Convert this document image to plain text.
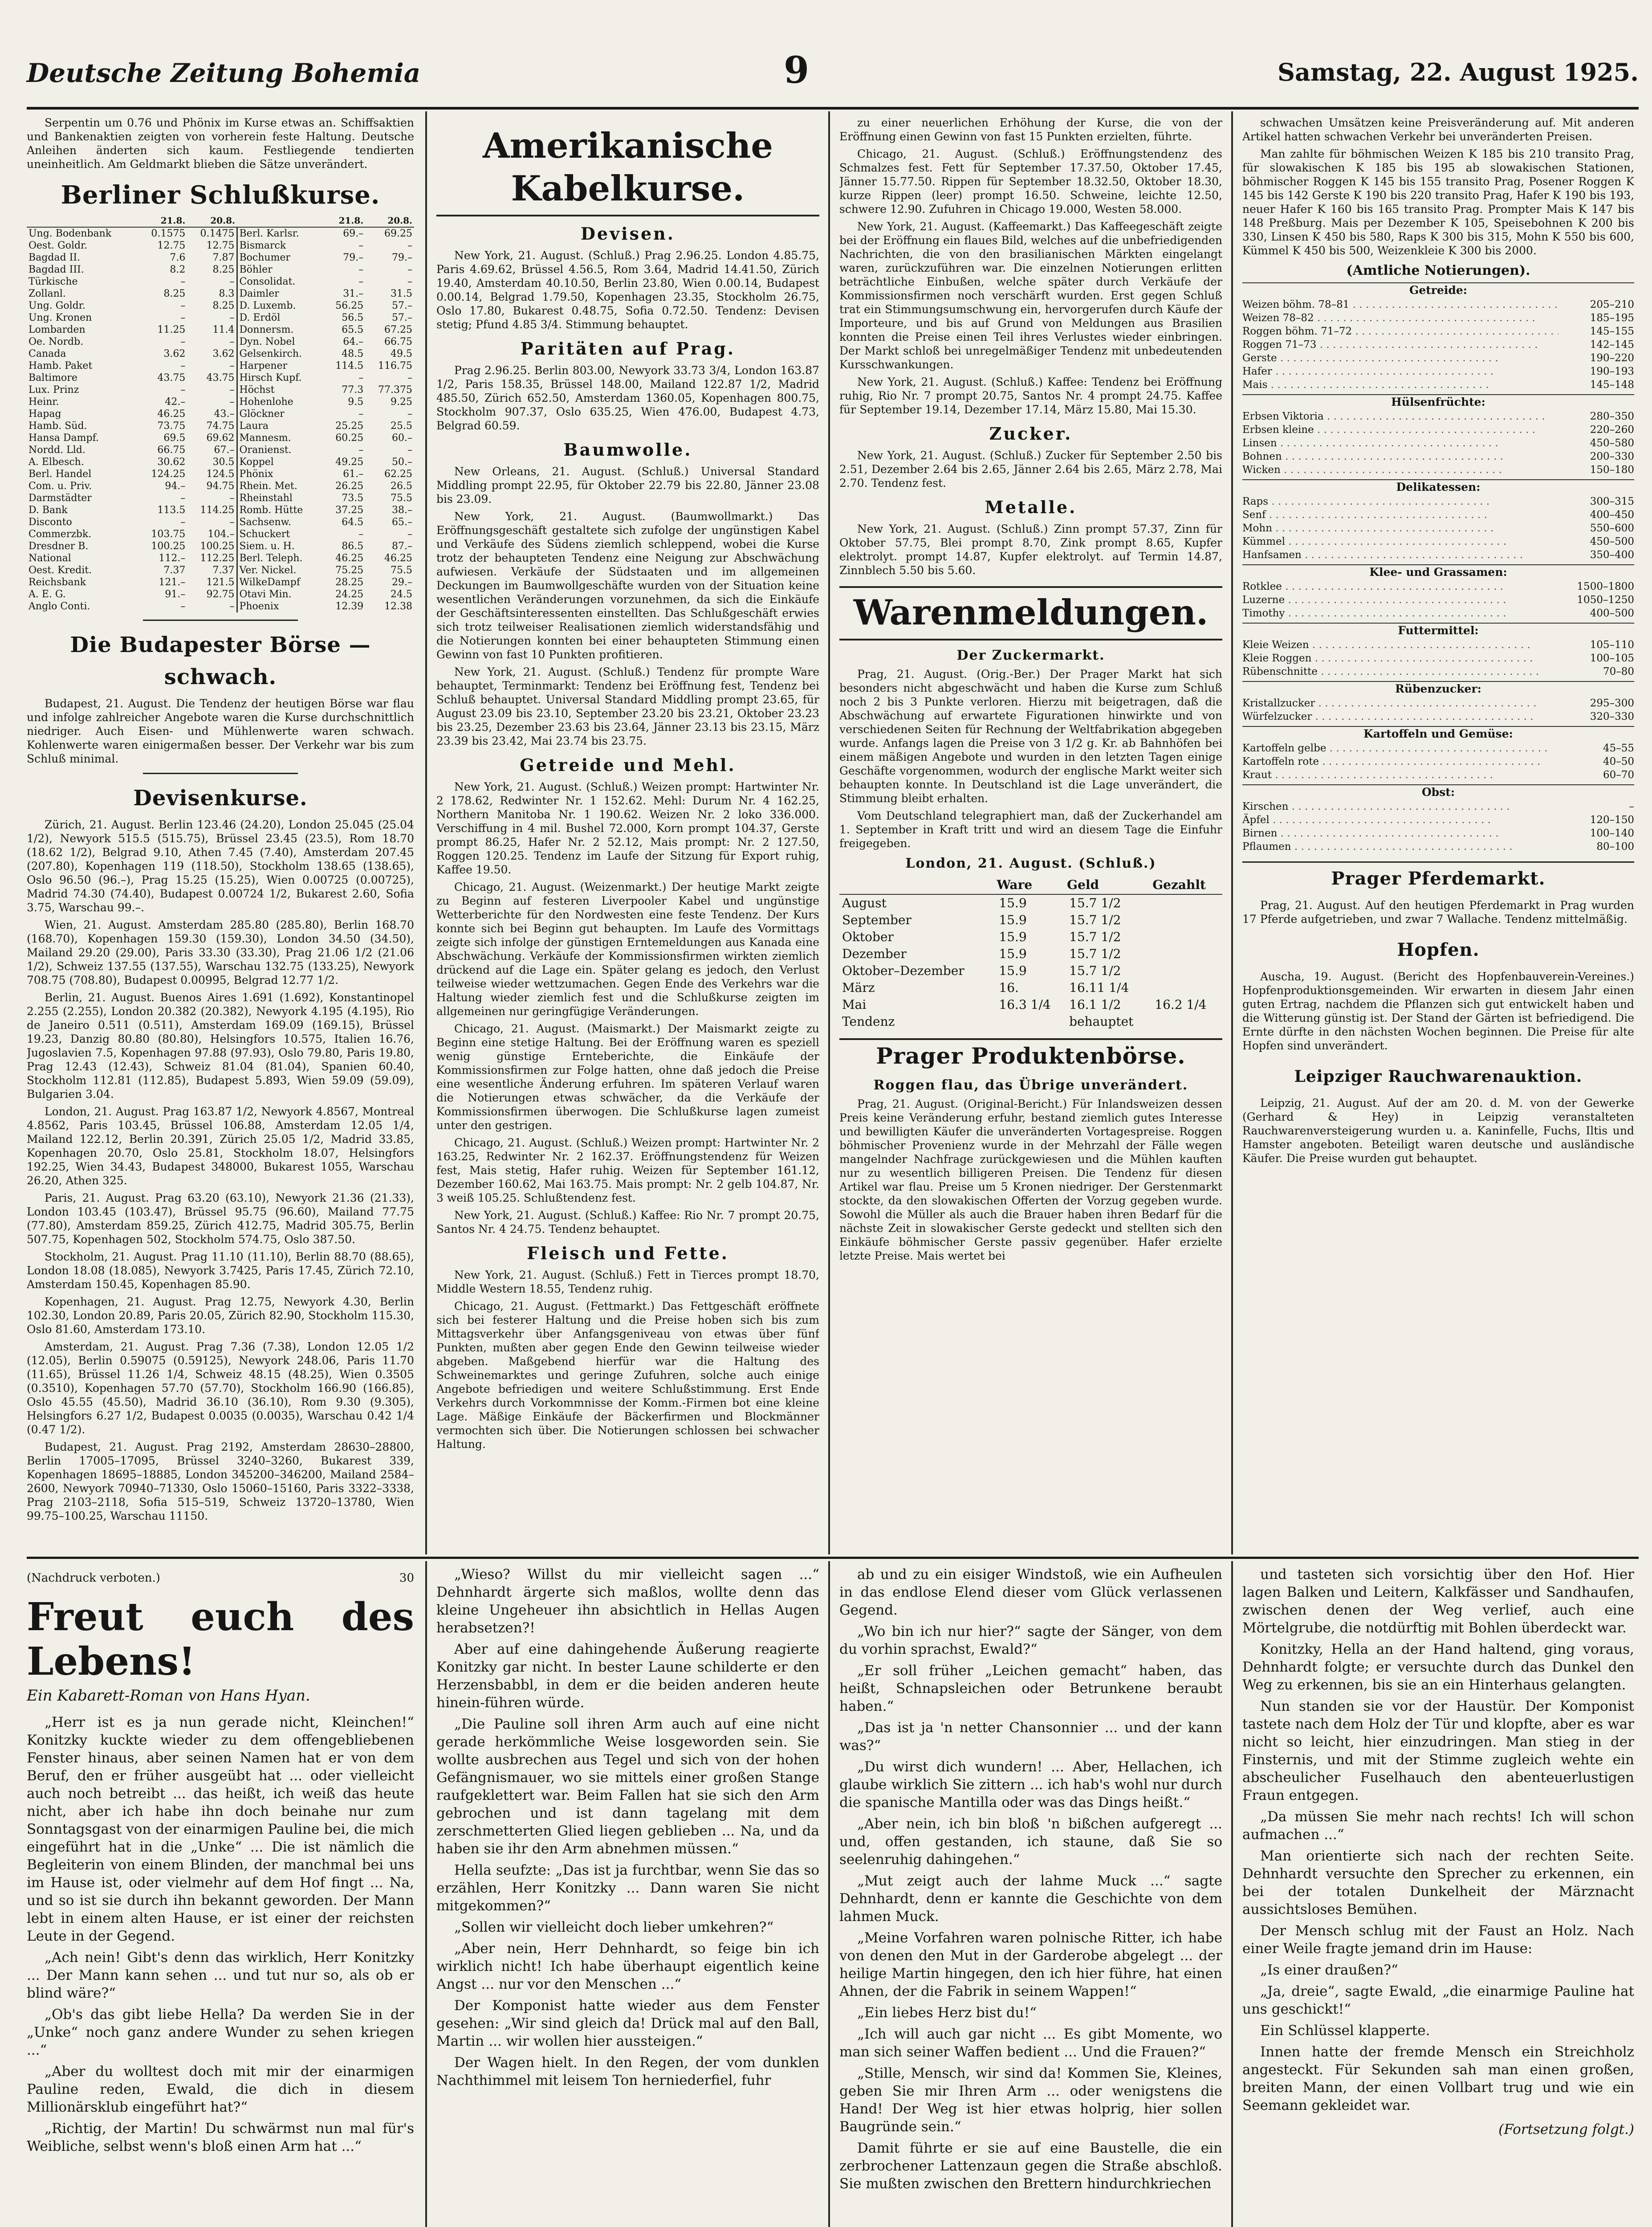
Deutsche Zeitung Bohemia	9	Samstag, 22. August 1925.

Serpentin um 0.76 und Phönix im Kurse etwas an. Schiffsaktien und Bankenaktien zeigten von vorherein feste Haltung. Deutsche Anleihen änderten sich kaum. Festliegende tendierten uneinheitlich. Am Geldmarkt blieben die Sätze unverändert.

Berliner Schlußkurse.
	21.8.	20.8.		21.8.	20.8.
Ung. Bodenbank	0.1575	0.1475	Berl. Karlsr.	69.–	69.25
Oest. Goldr.	12.75	12.75	Bismarck	–	–
Bagdad II.	7.6	7.87	Bochumer	79.–	79.–
Bagdad III.	8.2	8.25	Böhler	–	–
Türkische	–	–	Consolidat.	–	–
Zollanl.	8.25	8.3	Daimler	31.–	31.5
Ung. Goldr.	–	8.25	D. Luxemb.	56.25	57.–
Ung. Kronen	–	–	D. Erdöl	56.5	57.–
Lombarden	11.25	11.4	Donnersm.	65.5	67.25
Oe. Nordb.	–	–	Dyn. Nobel	64.–	66.75
Canada	3.62	3.62	Gelsenkirch.	48.5	49.5
Hamb. Paket	–	–	Harpener	114.5	116.75
Baltimore	43.75	43.75	Hirsch Kupf.	–	–
Lux. Prinz	–	–	Höchst	77.3	77.375
Heinr.	42.–	–	Hohenlohe	9.5	9.25
Hapag	46.25	43.–	Glöckner	–	–
Hamb. Süd.	73.75	74.75	Laura	25.25	25.5
Hansa Dampf.	69.5	69.62	Mannesm.	60.25	60.–
Nordd. Lld.	66.75	67.–	Oranienst.	–	–
A. Elbesch.	30.62	30.5	Koppel	49.25	50.–
Berl. Handel	124.25	124.5	Phönix	61.–	62.25
Com. u. Priv.	94.–	94.75	Rhein. Met.	26.25	26.5
Darmstädter	–	–	Rheinstahl	73.5	75.5
D. Bank	113.5	114.25	Romb. Hütte	37.25	38.–
Disconto	–	–	Sachsenw.	64.5	65.–
Commerzbk.	103.75	104.–	Schuckert	–	–
Dresdner B.	100.25	100.25	Siem. u. H.	86.5	87.–
National	112.–	112.25	Berl. Teleph.	46.25	46.25
Oest. Kredit.	7.37	7.37	Ver. Nickel.	75.25	75.5
Reichsbank	121.–	121.5	WilkeDampf	28.25	29.–
A. E. G.	91.–	92.75	Otavi Min.	24.25	24.5
Anglo Conti.	–	–	Phoenix	12.39	12.38
Die Budapester Börse — schwach.

Budapest, 21. August. Die Tendenz der heutigen Börse war flau und infolge zahlreicher Angebote waren die Kurse durchschnittlich niedriger. Auch Eisen- und Mühlenwerte waren schwach. Kohlenwerte waren einigermaßen besser. Der Verkehr war bis zum Schluß minimal.

Devisenkurse.

Zürich, 21. August. Berlin 123.46 (24.20), London 25.045 (25.04 1/2), Newyork 515.5 (515.75), Brüssel 23.45 (23.5), Rom 18.70 (18.62 1/2), Belgrad 9.10, Athen 7.45 (7.40), Amsterdam 207.45 (207.80), Kopenhagen 119 (118.50), Stockholm 138.65 (138.65), Oslo 96.50 (96.–), Prag 15.25 (15.25), Wien 0.00725 (0.00725), Madrid 74.30 (74.40), Budapest 0.00724 1/2, Bukarest 2.60, Sofia 3.75, Warschau 99.–.

Wien, 21. August. Amsterdam 285.80 (285.80), Berlin 168.70 (168.70), Kopenhagen 159.30 (159.30), London 34.50 (34.50), Mailand 29.20 (29.00), Paris 33.30 (33.30), Prag 21.06 1/2 (21.06 1/2), Schweiz 137.55 (137.55), Warschau 132.75 (133.25), Newyork 708.75 (708.80), Budapest 0.00995, Belgrad 12.77 1/2.

Berlin, 21. August. Buenos Aires 1.691 (1.692), Konstantinopel 2.255 (2.255), London 20.382 (20.382), Newyork 4.195 (4.195), Rio de Janeiro 0.511 (0.511), Amsterdam 169.09 (169.15), Brüssel 19.23, Danzig 80.80 (80.80), Helsingfors 10.575, Italien 16.76, Jugoslavien 7.5, Kopenhagen 97.88 (97.93), Oslo 79.80, Paris 19.80, Prag 12.43 (12.43), Schweiz 81.04 (81.04), Spanien 60.40, Stockholm 112.81 (112.85), Budapest 5.893, Wien 59.09 (59.09), Bulgarien 3.04.

London, 21. August. Prag 163.87 1/2, Newyork 4.8567, Montreal 4.8562, Paris 103.45, Brüssel 106.88, Amsterdam 12.05 1/4, Mailand 122.12, Berlin 20.391, Zürich 25.05 1/2, Madrid 33.85, Kopenhagen 20.70, Oslo 25.81, Stockholm 18.07, Helsingfors 192.25, Wien 34.43, Budapest 348000, Bukarest 1055, Warschau 26.20, Athen 325.

Paris, 21. August. Prag 63.20 (63.10), Newyork 21.36 (21.33), London 103.45 (103.47), Brüssel 95.75 (96.60), Mailand 77.75 (77.80), Amsterdam 859.25, Zürich 412.75, Madrid 305.75, Berlin 507.75, Kopenhagen 502, Stockholm 574.75, Oslo 387.50.

Stockholm, 21. August. Prag 11.10 (11.10), Berlin 88.70 (88.65), London 18.08 (18.085), Newyork 3.7425, Paris 17.45, Zürich 72.10, Amsterdam 150.45, Kopenhagen 85.90.

Kopenhagen, 21. August. Prag 12.75, Newyork 4.30, Berlin 102.30, London 20.89, Paris 20.05, Zürich 82.90, Stockholm 115.30, Oslo 81.60, Amsterdam 173.10.

Amsterdam, 21. August. Prag 7.36 (7.38), London 12.05 1/2 (12.05), Berlin 0.59075 (0.59125), Newyork 248.06, Paris 11.70 (11.65), Brüssel 11.26 1/4, Schweiz 48.15 (48.25), Wien 0.3505 (0.3510), Kopenhagen 57.70 (57.70), Stockholm 166.90 (166.85), Oslo 45.55 (45.50), Madrid 36.10 (36.10), Rom 9.30 (9.305), Helsingfors 6.27 1/2, Budapest 0.0035 (0.0035), Warschau 0.42 1/4 (0.47 1/2).

Budapest, 21. August. Prag 2192, Amsterdam 28630–28800, Berlin 17005–17095, Brüssel 3240–3260, Bukarest 339, Kopenhagen 18695–18885, London 345200–346200, Mailand 2584–2600, Newyork 70940–71330, Oslo 15060–15160, Paris 3322–3338, Prag 2103–2118, Sofia 515–519, Schweiz 13720–13780, Wien 99.75–100.25, Warschau 11150.

Amerikanische Kabelkurse.
Devisen.

New York, 21. August. (Schluß.) Prag 2.96.25. London 4.85.75, Paris 4.69.62, Brüssel 4.56.5, Rom 3.64, Madrid 14.41.50, Zürich 19.40, Amsterdam 40.10.50, Berlin 23.80, Wien 0.00.14, Budapest 0.00.14, Belgrad 1.79.50, Kopenhagen 23.35, Stockholm 26.75, Oslo 17.80, Bukarest 0.48.75, Sofia 0.72.50. Tendenz: Devisen stetig; Pfund 4.85 3/4. Stimmung behauptet.

Paritäten auf Prag.

Prag 2.96.25. Berlin 803.00, Newyork 33.73 3/4, London 163.87 1/2, Paris 158.35, Brüssel 148.00, Mailand 122.87 1/2, Madrid 485.50, Zürich 652.50, Amsterdam 1360.05, Kopenhagen 800.75, Stockholm 907.37, Oslo 635.25, Wien 476.00, Budapest 4.73, Belgrad 60.59.

Baumwolle.

New Orleans, 21. August. (Schluß.) Universal Standard Middling prompt 22.95, für Oktober 22.79 bis 22.80, Jänner 23.08 bis 23.09.

New York, 21. August. (Baumwollmarkt.) Das Eröffnungsgeschäft gestaltete sich zufolge der ungünstigen Kabel und Verkäufe des Südens ziemlich schleppend, wobei die Kurse trotz der behaupteten Tendenz eine Neigung zur Abschwächung aufwiesen. Verkäufe der Südstaaten und im allgemeinen Deckungen im Baumwollgeschäfte wurden von der Situation keine wesentlichen Veränderungen vorzunehmen, da sich die Einkäufe der Geschäftsinteressenten einstellten. Das Schlußgeschäft erwies sich trotz teilweiser Realisationen ziemlich widerstandsfähig und die Notierungen konnten bei einer behaupteten Stimmung einen Gewinn von fast 10 Punkten profitieren.

New York, 21. August. (Schluß.) Tendenz für prompte Ware behauptet, Terminmarkt: Tendenz bei Eröffnung fest, Tendenz bei Schluß behauptet. Universal Standard Middling prompt 23.65, für August 23.09 bis 23.10, September 23.20 bis 23.21, Oktober 23.23 bis 23.25, Dezember 23.63 bis 23.64, Jänner 23.13 bis 23.15, März 23.39 bis 23.42, Mai 23.74 bis 23.75.

Getreide und Mehl.

New York, 21. August. (Schluß.) Weizen prompt: Hartwinter Nr. 2 178.62, Redwinter Nr. 1 152.62. Mehl: Durum Nr. 4 162.25, Northern Manitoba Nr. 1 190.62. Weizen Nr. 2 loko 336.000. Verschiffung in 4 mil. Bushel 72.000, Korn prompt 104.37, Gerste prompt 86.25, Hafer Nr. 2 52.12, Mais prompt: Nr. 2 127.50, Roggen 120.25. Tendenz im Laufe der Sitzung für Export ruhig, Kaffee 19.50.

Chicago, 21. August. (Weizenmarkt.) Der heutige Markt zeigte zu Beginn auf festeren Liverpooler Kabel und ungünstige Wetterberichte für den Nordwesten eine feste Tendenz. Der Kurs konnte sich bei Beginn gut behaupten. Im Laufe des Vormittags zeigte sich infolge der günstigen Erntemeldungen aus Kanada eine Abschwächung. Verkäufe der Kommissionsfirmen wirkten ziemlich drückend auf die Lage ein. Später gelang es jedoch, den Verlust teilweise wieder wettzumachen. Gegen Ende des Verkehrs war die Haltung wieder ziemlich fest und die Schlußkurse zeigten im allgemeinen nur geringfügige Veränderungen.

Chicago, 21. August. (Maismarkt.) Der Maismarkt zeigte zu Beginn eine stetige Haltung. Bei der Eröffnung waren es speziell wenig günstige Ernteberichte, die Einkäufe der Kommissionsfirmen zur Folge hatten, ohne daß jedoch die Preise eine wesentliche Änderung erfuhren. Im späteren Verlauf waren die Notierungen etwas schwächer, da die Verkäufe der Kommissionsfirmen überwogen. Die Schlußkurse lagen zumeist unter den gestrigen.

Chicago, 21. August. (Schluß.) Weizen prompt: Hartwinter Nr. 2 163.25, Redwinter Nr. 2 162.37. Eröffnungstendenz für Weizen fest, Mais stetig, Hafer ruhig. Weizen für September 161.12, Dezember 160.62, Mai 163.75. Mais prompt: Nr. 2 gelb 104.87, Nr. 3 weiß 105.25. Schlußtendenz fest.

New York, 21. August. (Schluß.) Kaffee: Rio Nr. 7 prompt 20.75, Santos Nr. 4 24.75. Tendenz behauptet.

Fleisch und Fette.

New York, 21. August. (Schluß.) Fett in Tierces prompt 18.70, Middle Western 18.55, Tendenz ruhig.

Chicago, 21. August. (Fettmarkt.) Das Fettgeschäft eröffnete sich bei festerer Haltung und die Preise hoben sich bis zum Mittagsverkehr über Anfangsgeniveau von etwas über fünf Punkten, mußten aber gegen Ende den Gewinn teilweise wieder abgeben. Maßgebend hierfür war die Haltung des Schweinemarktes und geringe Zufuhren, solche auch einige Angebote befriedigen und weitere Schlußstimmung. Erst Ende Verkehrs durch Vorkommnisse der Komm.-Firmen bot eine kleine Lage. Mäßige Einkäufe der Bäckerfirmen und Blockmänner vermochten sich über. Die Notierungen schlossen bei schwacher Haltung.

zu einer neuerlichen Erhöhung der Kurse, die von der Eröffnung einen Gewinn von fast 15 Punkten erzielten, führte.

Chicago, 21. August. (Schluß.) Eröffnungstendenz des Schmalzes fest. Fett für September 17.37.50, Oktober 17.45, Jänner 15.77.50. Rippen für September 18.32.50, Oktober 18.30, kurze Rippen (leer) prompt 16.50. Schweine, leichte 12.50, schwere 12.90. Zufuhren in Chicago 19.000, Westen 58.000.

New York, 21. August. (Kaffeemarkt.) Das Kaffeegeschäft zeigte bei der Eröffnung ein flaues Bild, welches auf die unbefriedigenden Nachrichten, die von den brasilianischen Märkten eingelangt waren, zurückzuführen war. Die einzelnen Notierungen erlitten beträchtliche Einbußen, welche später durch Verkäufe der Kommissionsfirmen noch verschärft wurden. Erst gegen Schluß trat ein Stimmungsumschwung ein, hervorgerufen durch Käufe der Importeure, und bis auf Grund von Meldungen aus Brasilien konnten die Preise einen Teil ihres Verlustes wieder einbringen. Der Markt schloß bei unregelmäßiger Tendenz mit unbedeutenden Kursschwankungen.

New York, 21. August. (Schluß.) Kaffee: Tendenz bei Eröffnung ruhig, Rio Nr. 7 prompt 20.75, Santos Nr. 4 prompt 24.75. Kaffee für September 19.14, Dezember 17.14, März 15.80, Mai 15.30.

Zucker.

New York, 21. August. (Schluß.) Zucker für September 2.50 bis 2.51, Dezember 2.64 bis 2.65, Jänner 2.64 bis 2.65, März 2.78, Mai 2.70. Tendenz fest.

Metalle.

New York, 21. August. (Schluß.) Zinn prompt 57.37, Zinn für Oktober 57.75, Blei prompt 8.70, Zink prompt 8.65, Kupfer elektrolyt. prompt 14.87, Kupfer elektrolyt. auf Termin 14.87, Zinnblech 5.50 bis 5.60.

Warenmeldungen.
Der Zuckermarkt.

Prag, 21. August. (Orig.-Ber.) Der Prager Markt hat sich besonders nicht abgeschwächt und haben die Kurse zum Schluß noch 2 bis 3 Punkte verloren. Hierzu mit beigetragen, daß die Abschwächung auf erwartete Figurationen hinwirkte und von verschiedenen Seiten für Rechnung der Weltfabrikation abgegeben wurde. Anfangs lagen die Preise von 3 1/2 g. Kr. ab Bahnhöfen bei einem mäßigen Angebote und wurden in den letzten Tagen einige Geschäfte vorgenommen, wodurch der englische Markt weiter sich behaupten konnte. In Deutschland ist die Lage unverändert, die Stimmung bleibt erhalten.

Vom Deutschland telegraphiert man, daß der Zuckerhandel am 1. September in Kraft tritt und wird an diesem Tage die Einfuhr freigegeben.

London, 21. August. (Schluß.)
	Ware	Geld	Gezahlt
August	15.9	15.7 1/2	
September	15.9	15.7 1/2	
Oktober	15.9	15.7 1/2	
Dezember	15.9	15.7 1/2	
Oktober–Dezember	15.9	15.7 1/2	
März	16.	16.11 1/4	
Mai	16.3 1/4	16.1 1/2	16.2 1/4
Tendenz		behauptet	
Prager Produktenbörse.
Roggen flau, das Übrige unverändert.

Prag, 21. August. (Original-Bericht.) Für Inlandsweizen dessen Preis keine Veränderung erfuhr, bestand ziemlich gutes Interesse und bewilligten Käufer die unveränderten Vortagespreise. Roggen böhmischer Provenienz wurde in der Mehrzahl der Fälle wegen mangelnder Nachfrage zurückgewiesen und die Mühlen kauften nur zu wesentlich billigeren Preisen. Die Tendenz für diesen Artikel war flau. Preise um 5 Kronen niedriger. Der Gerstenmarkt stockte, da den slowakischen Offerten der Vorzug gegeben wurde. Sowohl die Müller als auch die Brauer haben ihren Bedarf für die nächste Zeit in slowakischer Gerste gedeckt und stellten sich den Einkäufe böhmischer Gerste passiv gegenüber. Hafer erzielte letzte Preise. Mais wertet bei

schwachen Umsätzen keine Preisveränderung auf. Mit anderen Artikel hatten schwachen Verkehr bei unveränderten Preisen.

Man zahlte für böhmischen Weizen K 185 bis 210 transito Prag, für slowakischen K 185 bis 195 ab slowakischen Stationen, böhmischer Roggen K 145 bis 155 transito Prag, Posener Roggen K 145 bis 142 Gerste K 190 bis 220 transito Prag, Hafer K 190 bis 193, neuer Hafer K 160 bis 165 transito Prag. Prompter Mais K 147 bis 148 Preßburg. Mais per Dezember K 105, Speisebohnen K 200 bis 330, Linsen K 450 bis 580, Raps K 300 bis 315, Mohn K 550 bis 600, Kümmel K 450 bis 500, Weizenkleie K 300 bis 2000.

(Amtliche Notierungen).
Getreide:
Weizen böhm. 78–81 . . .	205–210
Weizen 78–82 . . .	185–195
Roggen böhm. 71–72 . . .	145–155
Roggen 71–73 . . .	142–145
Gerste . . .	190–220
Hafer . . .	190–193
Mais . . .	145–148
Hülsenfrüchte:
Erbsen Viktoria . . .	280–350
Erbsen kleine . . .	220–260
Linsen . . .	450–580
Bohnen . . .	200–330
Wicken . . .	150–180
Delikatessen:
Raps . . .	300–315
Senf . . .	400–450
Mohn . . .	550–600
Kümmel . . .	450–500
Hanfsamen . . .	350–400
Klee- und Grassamen:
Rotklee . . .	1500–1800
Luzerne . . .	1050–1250
Timothy . . .	400–500
Futtermittel:
Kleie Weizen . . .	105–110
Kleie Roggen . . .	100–105
Rübenschnitte . . .	70–80
Rübenzucker:
Kristallzucker . . .	295–300
Würfelzucker . . .	320–330
Kartoffeln und Gemüse:
Kartoffeln gelbe . . .	45–55
Kartoffeln rote . . .	40–50
Kraut . . .	60–70
Obst:
Kirschen . . .	–
Äpfel . . .	120–150
Birnen . . .	100–140
Pflaumen . . .	80–100
Prager Pferdemarkt.

Prag, 21. August. Auf den heutigen Pferdemarkt in Prag wurden 17 Pferde aufgetrieben, und zwar 7 Wallache. Tendenz mittelmäßig.

Hopfen.

Auscha, 19. August. (Bericht des Hopfenbauverein-Vereines.) Hopfenproduktionsgemeinden. Wir erwarten in diesem Jahr einen guten Ertrag, nachdem die Pflanzen sich gut entwickelt haben und die Witterung günstig ist. Der Stand der Gärten ist befriedigend. Die Ernte dürfte in den nächsten Wochen beginnen. Die Preise für alte Hopfen sind unverändert.

Leipziger Rauchwarenauktion.

Leipzig, 21. August. Auf der am 20. d. M. von der Gewerke (Gerhard & Hey) in Leipzig veranstalteten Rauchwarenversteigerung wurden u. a. Kaninfelle, Fuchs, Iltis und Hamster angeboten. Beteiligt waren deutsche und ausländische Käufer. Die Preise wurden gut behauptet.

(Nachdruck verboten.)	30
Freut euch des Lebens!
Ein Kabarett-Roman von Hans Hyan.

„Herr ist es ja nun gerade nicht, Kleinchen!“ Konitzky kuckte wieder zu dem offengebliebenen Fenster hinaus, aber seinen Namen hat er von dem Beruf, den er früher ausgeübt hat ... oder vielleicht auch noch betreibt ... das heißt, ich weiß das heute nicht, aber ich habe ihn doch beinahe nur zum Sonntagsgast von der einarmigen Pauline bei, die mich eingeführt hat in die „Unke“ ... Die ist nämlich die Begleiterin von einem Blinden, der manchmal bei uns im Hause ist, oder vielmehr auf dem Hof fingt ... Na, und so ist sie durch ihn bekannt geworden. Der Mann lebt in einem alten Hause, er ist einer der reichsten Leute in der Gegend.

„Ach nein! Gibt's denn das wirklich, Herr Konitzky ... Der Mann kann sehen ... und tut nur so, als ob er blind wäre?“

„Ob's das gibt liebe Hella? Da werden Sie in der „Unke“ noch ganz andere Wunder zu sehen kriegen ...“

„Aber du wolltest doch mit mir der einarmigen Pauline reden, Ewald, die dich in diesem Millionärsklub eingeführt hat?“

„Richtig, der Martin! Du schwärmst nun mal für's Weibliche, selbst wenn's bloß einen Arm hat ...“

„Wieso? Willst du mir vielleicht sagen ...“ Dehnhardt ärgerte sich maßlos, wollte denn das kleine Ungeheuer ihn absichtlich in Hellas Augen herabsetzen?!

Aber auf eine dahingehende Äußerung reagierte Konitzky gar nicht. In bester Laune schilderte er den Herzensbabbl, in dem er die beiden anderen heute hinein-führen würde.

„Die Pauline soll ihren Arm auch auf eine nicht gerade herkömmliche Weise losgeworden sein. Sie wollte ausbrechen aus Tegel und sich von der hohen Gefängnismauer, wo sie mittels einer großen Stange raufgeklettert war. Beim Fallen hat sie sich den Arm gebrochen und ist dann tagelang mit dem zerschmetterten Glied liegen geblieben ... Na, und da haben sie ihr den Arm abnehmen müssen.“

Hella seufzte: „Das ist ja furchtbar, wenn Sie das so erzählen, Herr Konitzky ... Dann waren Sie nicht mitgekommen?“

„Sollen wir vielleicht doch lieber umkehren?“

„Aber nein, Herr Dehnhardt, so feige bin ich wirklich nicht! Ich habe überhaupt eigentlich keine Angst ... nur vor den Menschen ...“

Der Komponist hatte wieder aus dem Fenster gesehen: „Wir sind gleich da! Drück mal auf den Ball, Martin ... wir wollen hier aussteigen.“

Der Wagen hielt. In den Regen, der vom dunklen Nachthimmel mit leisem Ton herniederfiel, fuhr

ab und zu ein eisiger Windstoß, wie ein Aufheulen in das endlose Elend dieser vom Glück verlassenen Gegend.

„Wo bin ich nur hier?“ sagte der Sänger, von dem du vorhin sprachst, Ewald?“

„Er soll früher „Leichen gemacht“ haben, das heißt, Schnapsleichen oder Betrunkene beraubt haben.“

„Das ist ja 'n netter Chansonnier ... und der kann was?“

„Du wirst dich wundern! ... Aber, Hellachen, ich glaube wirklich Sie zittern ... ich hab's wohl nur durch die spanische Mantilla oder was das Dings heißt.“

„Aber nein, ich bin bloß 'n bißchen aufgeregt ... und, offen gestanden, ich staune, daß Sie so seelenruhig dahingehen.“

„Mut zeigt auch der lahme Muck ...“ sagte Dehnhardt, denn er kannte die Geschichte von dem lahmen Muck.

„Meine Vorfahren waren polnische Ritter, ich habe von denen den Mut in der Garderobe abgelegt ... der heilige Martin hingegen, den ich hier führe, hat einen Ahnen, der die Fabrik in seinem Wappen!“

„Ein liebes Herz bist du!“

„Ich will auch gar nicht ... Es gibt Momente, wo man sich seiner Waffen bedient ... Und die Frauen?“

„Stille, Mensch, wir sind da! Kommen Sie, Kleines, geben Sie mir Ihren Arm ... oder wenigstens die Hand! Der Weg ist hier etwas holprig, hier sollen Baugründe sein.“

Damit führte er sie auf eine Baustelle, die ein zerbrochener Lattenzaun gegen die Straße abschloß. Sie mußten zwischen den Brettern hindurchkriechen

und tasteten sich vorsichtig über den Hof. Hier lagen Balken und Leitern, Kalkfässer und Sandhaufen, zwischen denen der Weg verlief, auch eine Mörtelgrube, die notdürftig mit Bohlen überdeckt war.

Konitzky, Hella an der Hand haltend, ging voraus, Dehnhardt folgte; er versuchte durch das Dunkel den Weg zu erkennen, bis sie an ein Hinterhaus gelangten.

Nun standen sie vor der Haustür. Der Komponist tastete nach dem Holz der Tür und klopfte, aber es war nicht so leicht, hier einzudringen. Man stieg in der Finsternis, und mit der Stimme zugleich wehte ein abscheulicher Fuselhauch den abenteuerlustigen Fraun entgegen.

„Da müssen Sie mehr nach rechts! Ich will schon aufmachen ...“

Man orientierte sich nach der rechten Seite. Dehnhardt versuchte den Sprecher zu erkennen, ein bei der totalen Dunkelheit der Märznacht aussichtsloses Bemühen.

Der Mensch schlug mit der Faust an Holz. Nach einer Weile fragte jemand drin im Hause:

„Is einer draußen?“

„Ja, dreie“, sagte Ewald, „die einarmige Pauline hat uns geschickt!“

Ein Schlüssel klapperte.

Innen hatte der fremde Mensch ein Streichholz angesteckt. Für Sekunden sah man einen großen, breiten Mann, der einen Vollbart trug und wie ein Seemann gekleidet war.

(Fortsetzung folgt.)
